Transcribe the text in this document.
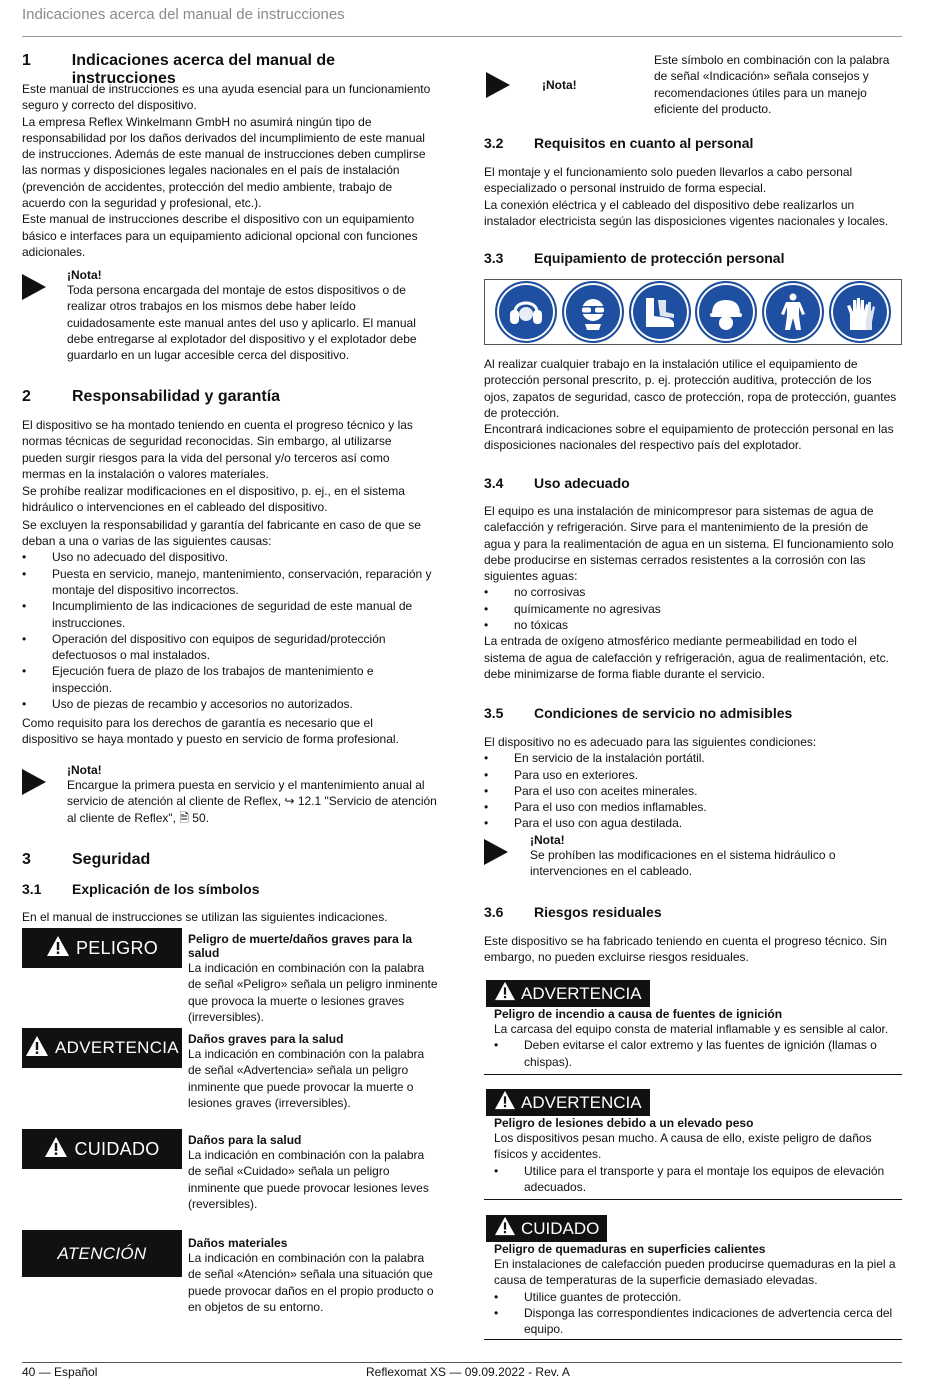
Indicaciones acerca del manual de instrucciones
1	Indicaciones acerca del manual de instrucciones
Este manual de instrucciones es una ayuda esencial para un funcionamiento seguro y correcto del dispositivo.
La empresa Reflex Winkelmann GmbH no asumirá ningún tipo de responsabilidad por los daños derivados del incumplimiento de este manual de instrucciones. Además de este manual de instrucciones deben cumplirse las normas y disposiciones legales nacionales en el país de instalación (prevención de accidentes, protección del medio ambiente, trabajo de acuerdo con la seguridad y profesional, etc.).
Este manual de instrucciones describe el dispositivo con un equipamiento básico e interfaces para un equipamiento adicional opcional con funciones adicionales.
¡Nota!
Toda persona encargada del montaje de estos dispositivos o de realizar otros trabajos en los mismos debe haber leído cuidadosamente este manual antes del uso y aplicarlo. El manual debe entregarse al explotador del dispositivo y el explotador debe guardarlo en un lugar accesible cerca del dispositivo.
2	Responsabilidad y garantía
El dispositivo se ha montado teniendo en cuenta el progreso técnico y las normas técnicas de seguridad reconocidas. Sin embargo, al utilizarse pueden surgir riesgos para la vida del personal y/o terceros así como mermas en la instalación o valores materiales.
Se prohíbe realizar modificaciones en el dispositivo, p. ej., en el sistema hidráulico o intervenciones en el cableado del dispositivo.
Se excluyen la responsabilidad y garantía del fabricante en caso de que se deban a una o varias de las siguientes causas:
• Uso no adecuado del dispositivo.
• Puesta en servicio, manejo, mantenimiento, conservación, reparación y montaje del dispositivo incorrectos.
• Incumplimiento de las indicaciones de seguridad de este manual de instrucciones.
• Operación del dispositivo con equipos de seguridad/protección defectuosos o mal instalados.
• Ejecución fuera de plazo de los trabajos de mantenimiento e inspección.
• Uso de piezas de recambio y accesorios no autorizados.
Como requisito para los derechos de garantía es necesario que el dispositivo se haya montado y puesto en servicio de forma profesional.
¡Nota!
Encargue la primera puesta en servicio y el mantenimiento anual al servicio de atención al cliente de Reflex, ↪ 12.1 "Servicio de atención al cliente de Reflex", 🗎 50.
3	Seguridad
3.1	Explicación de los símbolos
En el manual de instrucciones se utilizan las siguientes indicaciones.
PELIGRO Peligro de muerte/daños graves para la salud
La indicación en combinación con la palabra de señal «Peligro» señala un peligro inminente que provoca la muerte o lesiones graves (irreversibles).
ADVERTENCIA Daños graves para la salud
La indicación en combinación con la palabra de señal «Advertencia» señala un peligro inminente que puede provocar la muerte o lesiones graves (irreversibles).
CUIDADO Daños para la salud
La indicación en combinación con la palabra de señal «Cuidado» señala un peligro inminente que puede provocar lesiones leves (reversibles).
ATENCIÓN
Daños materiales
La indicación en combinación con la palabra de señal «Atención» señala una situación que puede provocar daños en el propio producto o en objetos de su entorno.
¡Nota!
Este símbolo en combinación con la palabra de señal «Indicación» señala consejos y recomendaciones útiles para un manejo eficiente del producto.
3.2	Requisitos en cuanto al personal
El montaje y el funcionamiento solo pueden llevarlos a cabo personal especializado o personal instruido de forma especial.
La conexión eléctrica y el cableado del dispositivo debe realizarlos un instalador electricista según las disposiciones vigentes nacionales y locales.
3.3	Equipamiento de protección personal
Al realizar cualquier trabajo en la instalación utilice el equipamiento de protección personal prescrito, p. ej. protección auditiva, protección de los ojos, zapatos de seguridad, casco de protección, ropa de protección, guantes de protección.
Encontrará indicaciones sobre el equipamiento de protección personal en las disposiciones nacionales del respectivo país del explotador.
3.4	Uso adecuado
El equipo es una instalación de minicompresor para sistemas de agua de calefacción y refrigeración. Sirve para el mantenimiento de la presión de agua y para la realimentación de agua en un sistema. El funcionamiento solo debe producirse en sistemas cerrados resistentes a la corrosión con las siguientes aguas:
• no corrosivas
• químicamente no agresivas
• no tóxicas
La entrada de oxígeno atmosférico mediante permeabilidad en todo el sistema de agua de calefacción y refrigeración, agua de realimentación, etc. debe minimizarse de forma fiable durante el servicio.
3.5	Condiciones de servicio no admisibles
El dispositivo no es adecuado para las siguientes condiciones:
• En servicio de la instalación portátil.
• Para uso en exteriores.
• Para el uso con aceites minerales.
• Para el uso con medios inflamables.
• Para el uso con agua destilada.
¡Nota!
Se prohíben las modificaciones en el sistema hidráulico o intervenciones en el cableado.
3.6	Riesgos residuales
Este dispositivo se ha fabricado teniendo en cuenta el progreso técnico. Sin embargo, no pueden excluirse riesgos residuales.
ADVERTENCIA
Peligro de incendio a causa de fuentes de ignición
La carcasa del equipo consta de material inflamable y es sensible al calor.
• Deben evitarse el calor extremo y las fuentes de ignición (llamas o chispas).
ADVERTENCIA
Peligro de lesiones debido a un elevado peso
Los dispositivos pesan mucho. A causa de ello, existe peligro de daños físicos y accidentes.
• Utilice para el transporte y para el montaje los equipos de elevación adecuados.
CUIDADO
Peligro de quemaduras en superficies calientes
En instalaciones de calefacción pueden producirse quemaduras en la piel a causa de temperaturas de la superficie demasiado elevadas.
• Utilice guantes de protección.
• Disponga las correspondientes indicaciones de advertencia cerca del equipo.
40 — Español	Reflexomat XS — 09.09.2022 - Rev. A
